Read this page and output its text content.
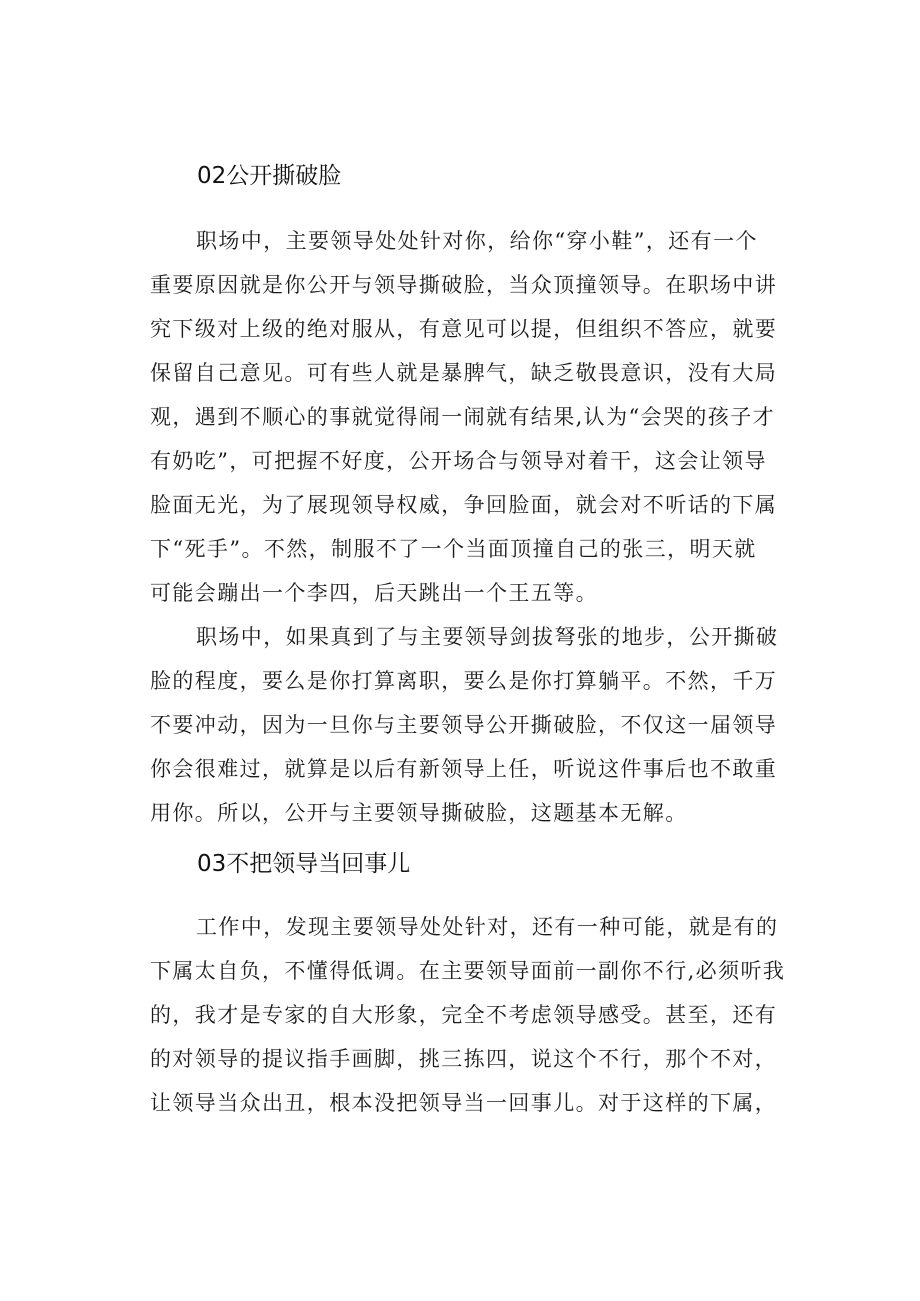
02公开撕破脸
职场中，主要领导处处针对你，给你“穿小鞋”，还有一个
重要原因就是你公开与领导撕破脸，当众顶撞领导。在职场中讲
究下级对上级的绝对服从，有意见可以提，但组织不答应，就要
保留自己意见。可有些人就是暴脾气，缺乏敬畏意识，没有大局
观，遇到不顺心的事就觉得闹一闹就有结果,认为“会哭的孩子才
有奶吃”，可把握不好度，公开场合与领导对着干，这会让领导
脸面无光，为了展现领导权威，争回脸面，就会对不听话的下属
下“死手”。不然，制服不了一个当面顶撞自己的张三，明天就
可能会蹦出一个李四，后天跳出一个王五等。
职场中，如果真到了与主要领导剑拔弩张的地步，公开撕破
脸的程度，要么是你打算离职，要么是你打算躺平。不然，千万
不要冲动，因为一旦你与主要领导公开撕破脸，不仅这一届领导
你会很难过，就算是以后有新领导上任，听说这件事后也不敢重
用你。所以，公开与主要领导撕破脸，这题基本无解。
03不把领导当回事儿
工作中，发现主要领导处处针对，还有一种可能，就是有的
下属太自负，不懂得低调。在主要领导面前一副你不行,必须听我
的，我才是专家的自大形象，完全不考虑领导感受。甚至，还有
的对领导的提议指手画脚，挑三拣四，说这个不行，那个不对，
让领导当众出丑，根本没把领导当一回事儿。对于这样的下属，
